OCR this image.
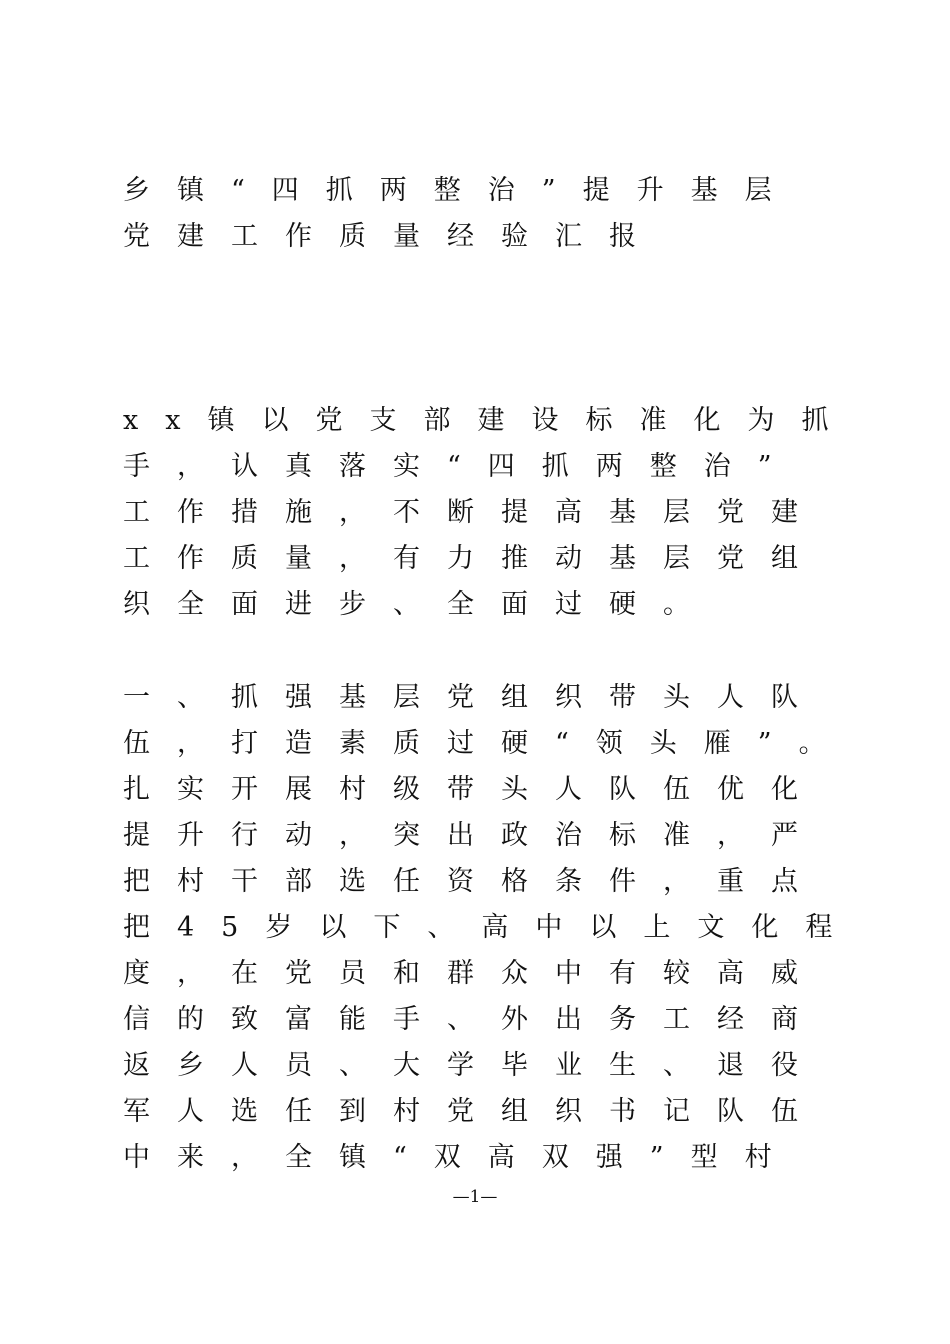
乡镇“四抓两整治”提升基层
党建工作质量经验汇报
xx镇以党支部建设标准化为抓
手，认真落实“四抓两整治”
工作措施，不断提高基层党建
工作质量，有力推动基层党组
织全面进步、全面过硬。
一、抓强基层党组织带头人队
伍，打造素质过硬“领头雁”。
扎实开展村级带头人队伍优化
提升行动，突出政治标准，严
把村干部选任资格条件，重点
把45岁以下、高中以上文化程
度，在党员和群众中有较高威
信的致富能手、外出务工经商
返乡人员、大学毕业生、退役
军人选任到村党组织书记队伍
中来，全镇“双高双强”型村
—1—
